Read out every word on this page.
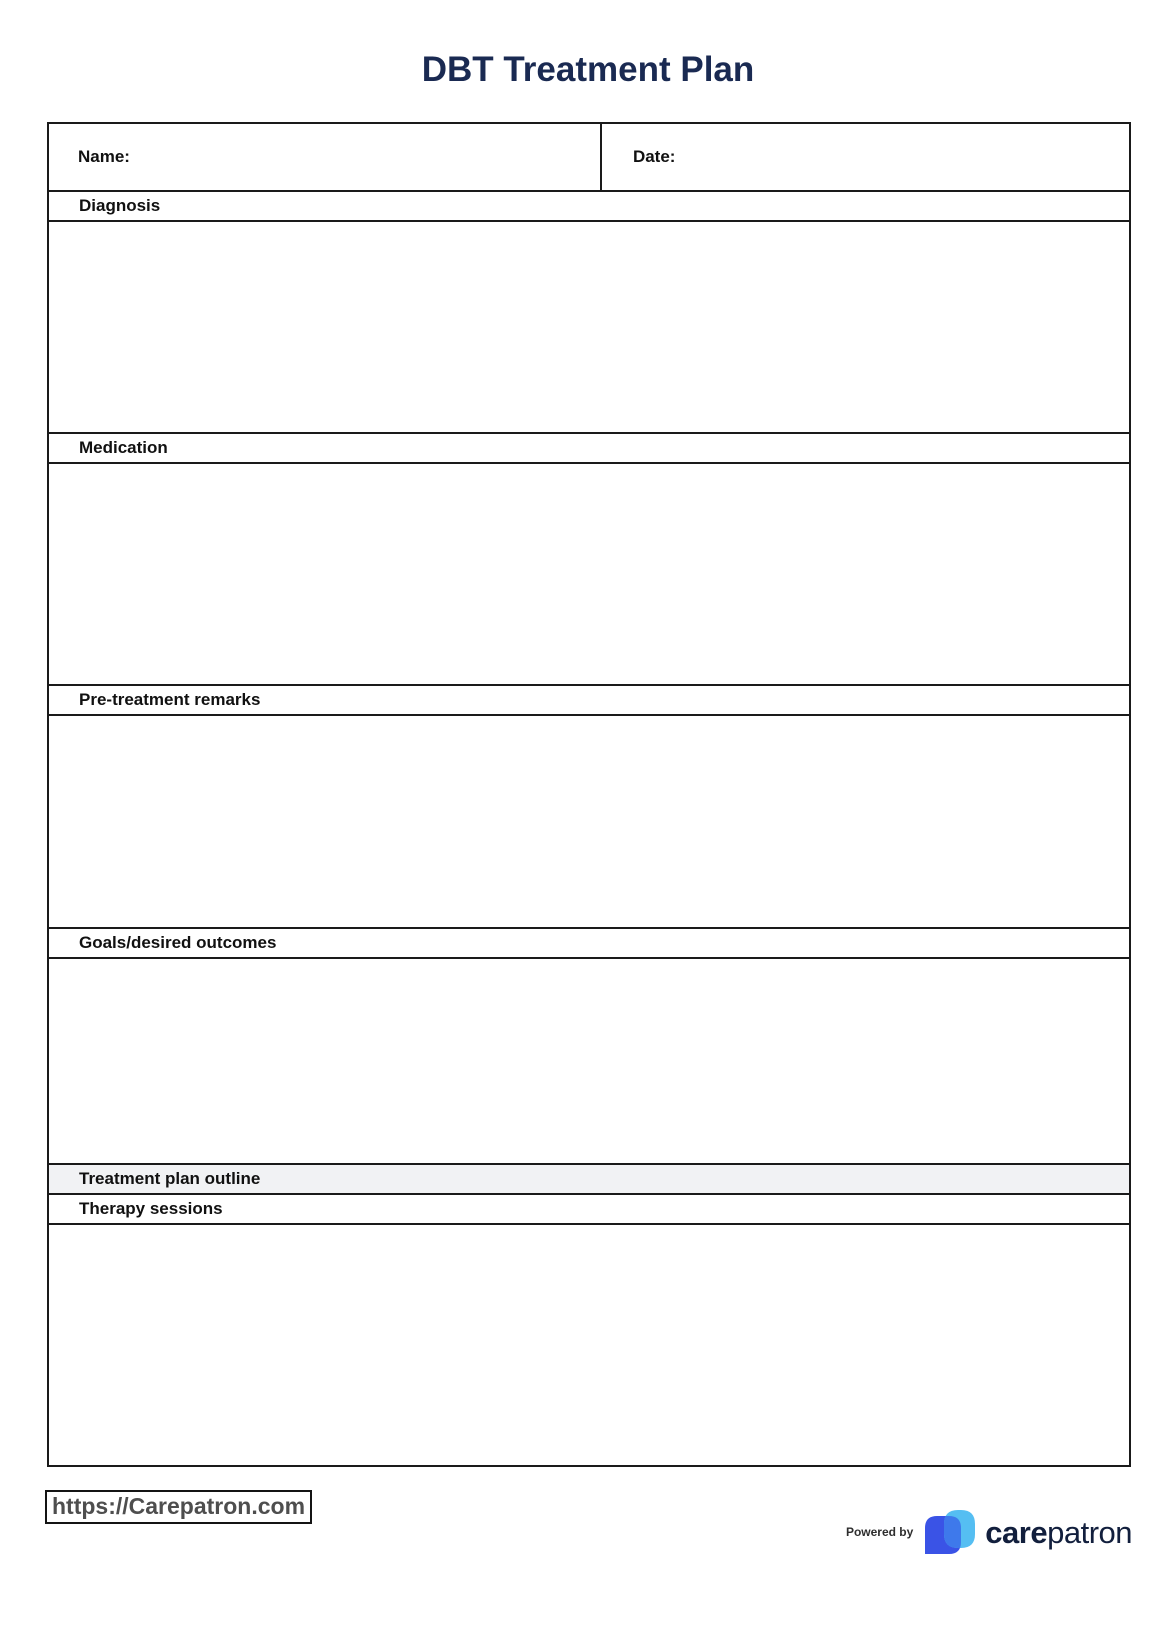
DBT Treatment Plan
Name:	Date:
Diagnosis
Medication
Pre-treatment remarks
Goals/desired outcomes
Treatment plan outline
Therapy sessions
https://Carepatron.com
Powered by carepatron
